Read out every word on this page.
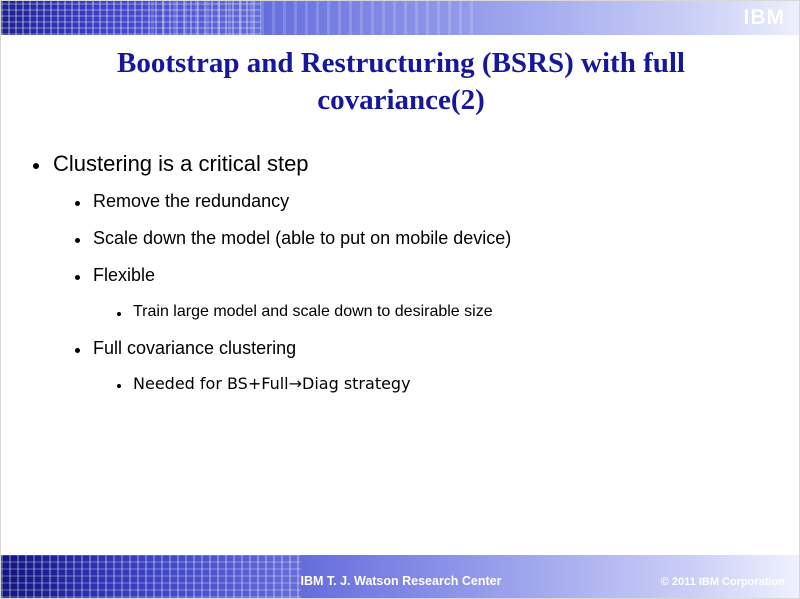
IBM
Bootstrap and Restructuring (BSRS) with full covariance(2)
Clustering is a critical step
Remove the redundancy
Scale down the model (able to put on mobile device)
Flexible
Train large model and scale down to desirable size
Full covariance clustering
Needed for BS+Full→Diag strategy
IBM T. J. Watson Research Center	© 2011 IBM Corporation
